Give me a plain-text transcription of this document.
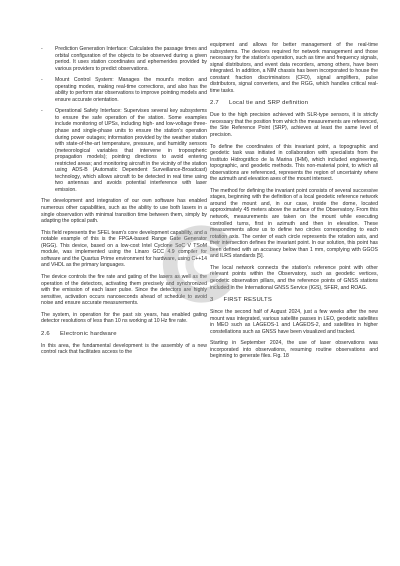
- Prediction Generation Interface: Calculates the passage times and orbital configuration of the objects to be observed during a given period. It uses station coordinates and ephemerides provided by various providers to predict observations.
- Mount Control System: Manages the mount's motion and operating modes, making real-time corrections, and also has the ability to perform star observations to improve pointing models and ensure accurate orientation.
- Operational Safety Interface: Supervises several key subsystems to ensure the safe operation of the station. Some examples include monitoring of UPSs, including high- and low-voltage three-phase and single-phase units to ensure the station's operation during power outages; information provided by the weather station with state-of-the-art temperature, pressure, and humidity sensors (meteorological variables that intervene in tropospheric propagation models); pointing directions to avoid entering restricted areas; and monitoring aircraft in the vicinity of the station using ADS-B (Automatic Dependent Surveillance-Broadcast) technology, which allows aircraft to be detected in real time using two antennas and avoids potential interference with laser emission.

The development and integration of our own software has enabled numerous other capabilities, such as the ability to use both lasers in a single observation with minimal transition time between them, simply by adapting the optical path.

This field represents the SFEL team's core development capability, and a notable example of this is the FPGA-based Range Gate Generator (RGG). This device, based on a low-cost Intel Cyclone SoC V TSoM module, was implemented using the Linaro GCC 4.9 compiler for software and the Quartus Prime environment for hardware, using C++14 and VHDL as the primary languages.

The device controls the fire rate and gating of the lasers as well as the operation of the detectors, activating them precisely and synchronized with the emission of each laser pulse. Since the detectors are highly sensitive, activation occurs nanoseconds ahead of schedule to avoid noise and ensure accurate measurements.

The system, in operation for the past six years, has enabled gating detector resolutions of less than 10 ns working at 10 Hz fire rate.

2.6 Electronic hardware

In this area, the fundamental development is the assembly of a new control rack that facilitates access to the

equipment and allows for better management of the real-time subsystems. The devices required for network management and those necessary for the station's operation, such as time and frequency signals, signal distributors, and event data recorders, among others, have been integrated. In addition, a NIM chassis has been incorporated to house the constant fraction discriminators (CFD), signal amplifiers, pulse distributors, signal converters, and the RGG, which handles critical real-time tasks.

2.7 Local tie and SRP definition

Due to the high precision achieved with SLR-type sensors, it is strictly necessary that the position from which the measurements are referenced, the Site Reference Point (SRP), achieves at least the same level of precision.

To define the coordinates of this invariant point, a topographic and geodetic task was initiated in collaboration with specialists from the Instituto Hidrográfico de la Marina (IHM), which included engineering, topographic, and geodetic methods. This non-material point, to which all observations are referenced, represents the region of uncertainty where the azimuth and elevation axes of the mount intersect.

The method for defining the invariant point consists of several successive stages, beginning with the definition of a local geodetic reference network around the mount and, in our case, inside the dome, located approximately 45 meters above the surface of the Observatory. From this network, measurements are taken on the mount while executing controlled turns, first in azimuth and then in elevation. These measurements allow us to define two circles corresponding to each rotation axis. The center of each circle represents the rotation axis, and their intersection defines the invariant point. In our solution, this point has been defined with an accuracy below than 1 mm, complying with GGOS and ILRS standards [5].

The local network connects the station's reference point with other relevant points within the Observatory, such as geodetic vertices, geodetic observation pillars, and the reference points of GNSS stations included in the International GNSS Service (IGS), SFER, and ROAG.

3 FIRST RESULTS

Since the second half of August 2024, just a few weeks after the new mount was integrated, various satellite passes in LEO, geodetic satellites in MEO such as LAGEOS-1 and LAGEOS-2, and satellites in higher constellations such as GNSS have been visualized and tracked.

Starting in September 2024, the use of laser observations was incorporated into observations, resuming routine observations and beginning to generate files. Fig. 18
